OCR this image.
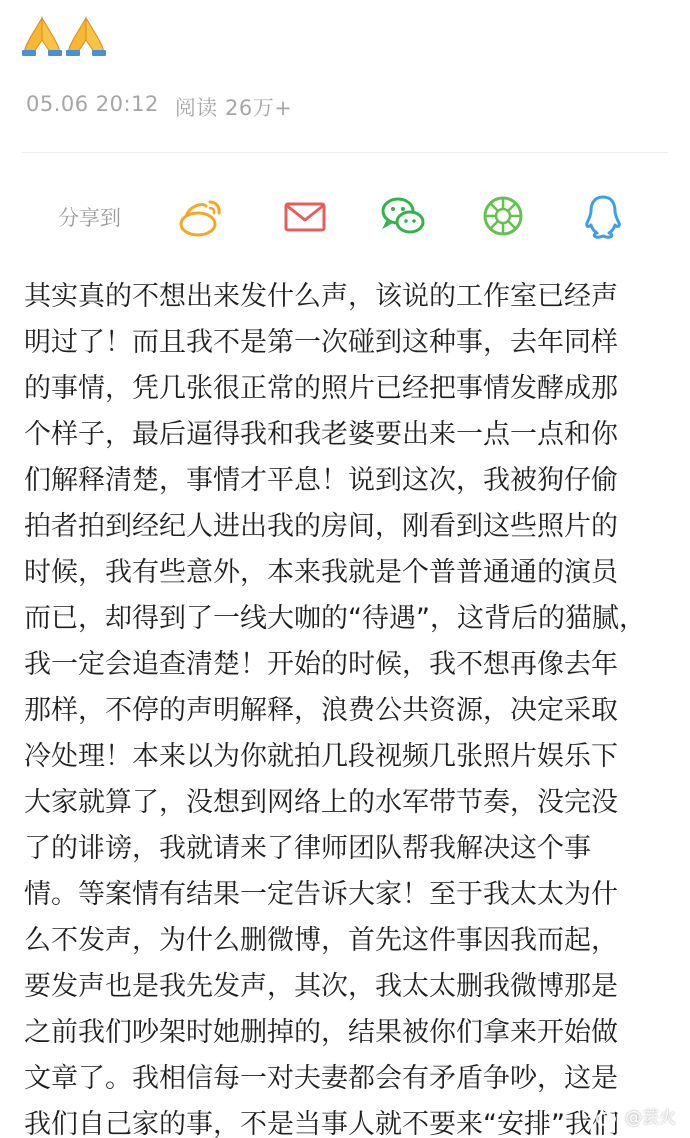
05.06 20:12 阅读 26万+
分享到
其实真的不想出来发什么声，该说的工作室已经声
明过了！而且我不是第一次碰到这种事，去年同样
的事情，凭几张很正常的照片已经把事情发酵成那
个样子，最后逼得我和我老婆要出来一点一点和你
们解释清楚，事情才平息！说到这次，我被狗仔偷
拍者拍到经纪人进出我的房间，刚看到这些照片的
时候，我有些意外，本来我就是个普普通通的演员
而已，却得到了一线大咖的“待遇”，这背后的猫腻，
我一定会追查清楚！开始的时候，我不想再像去年
那样，不停的声明解释，浪费公共资源，决定采取
冷处理！本来以为你就拍几段视频几张照片娱乐下
大家就算了，没想到网络上的水军带节奏，没完没
了的诽谤，我就请来了律师团队帮我解决这个事
情。等案情有结果一定告诉大家！至于我太太为什
么不发声，为什么删微博，首先这件事因我而起，
要发声也是我先发声，其次，我太太删我微博那是
之前我们吵架时她删掉的，结果被你们拿来开始做
文章了。我相信每一对夫妻都会有矛盾争吵，这是
我们自己家的事，不是当事人就不要来“安排”我们 @芸火
